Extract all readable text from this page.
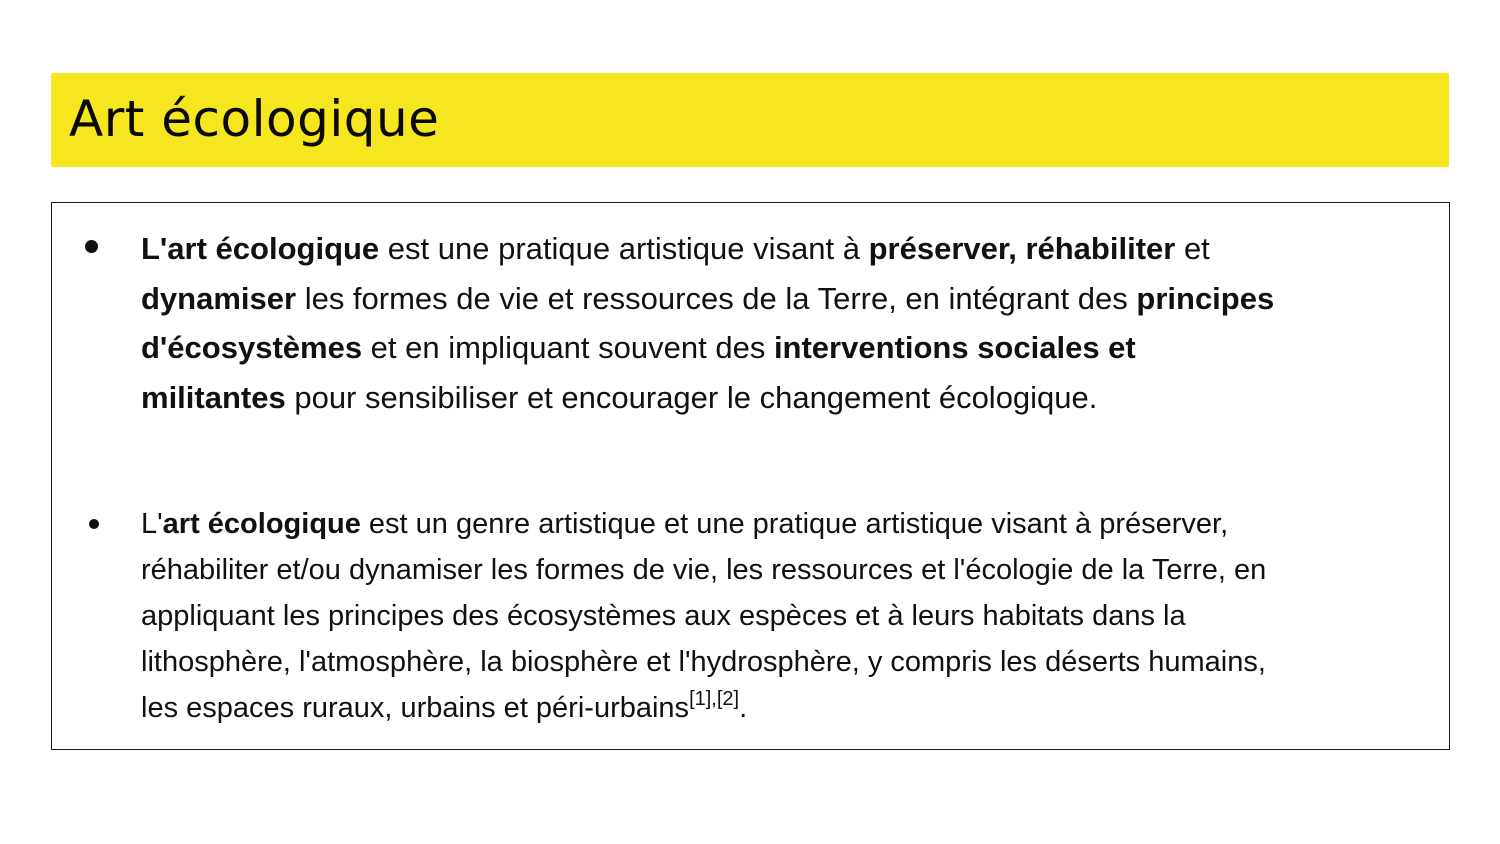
Art écologique

L'art écologique est une pratique artistique visant à préserver, réhabiliter et
dynamiser les formes de vie et ressources de la Terre, en intégrant des principes
d'écosystèmes et en impliquant souvent des interventions sociales et
militantes pour sensibiliser et encourager le changement écologique.

L'art écologique est un genre artistique et une pratique artistique visant à préserver,
réhabiliter et/ou dynamiser les formes de vie, les ressources et l'écologie de la Terre, en
appliquant les principes des écosystèmes aux espèces et à leurs habitats dans la
lithosphère, l'atmosphère, la biosphère et l'hydrosphère, y compris les déserts humains,
les espaces ruraux, urbains et péri-urbains[1],[2].
